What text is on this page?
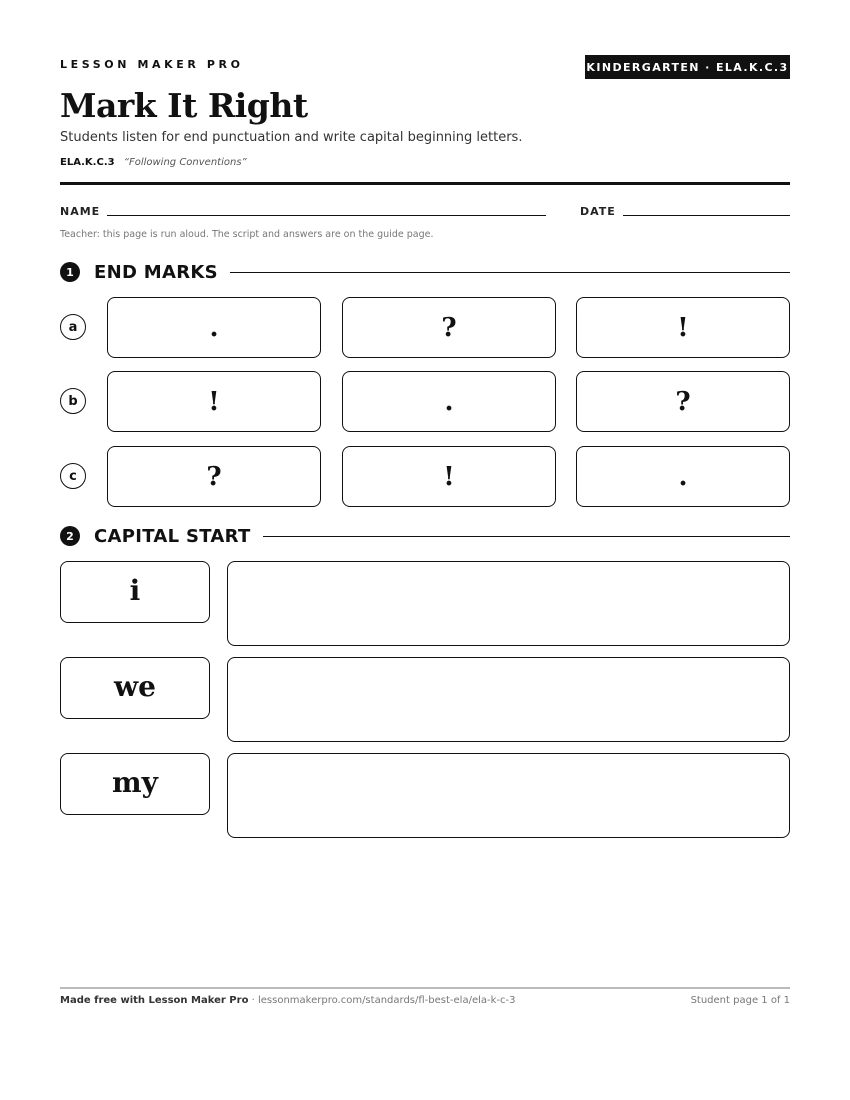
LESSON MAKER PRO	KINDERGARTEN · ELA.K.C.3
Mark It Right
Students listen for end punctuation and write capital beginning letters.
ELA.K.C.3 “Following Conventions”
NAME	DATE
Teacher: this page is run aloud. The script and answers are on the guide page.
1	END MARKS
a	.	?	!
b	!	.	?
c	?	!	.
2	CAPITAL START
i
we
my
Made free with Lesson Maker Pro · lessonmakerpro.com/standards/fl-best-ela/ela-k-c-3	Student page 1 of 1
